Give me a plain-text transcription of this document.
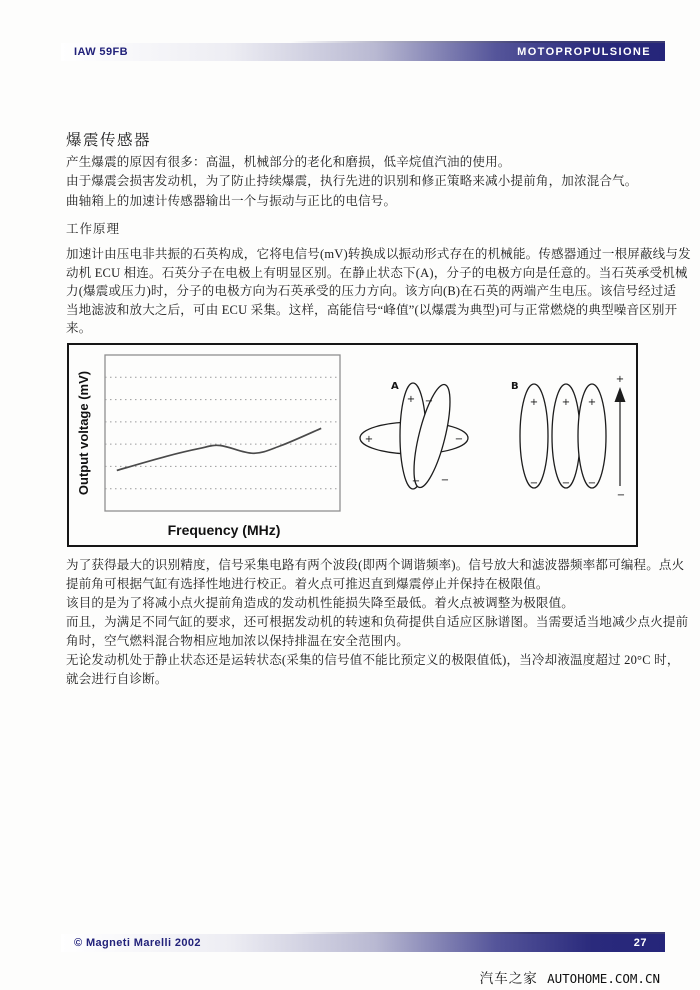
IAW 59FB	MOTOPROPULSIONE
爆震传感器
产生爆震的原因有很多：高温，机械部分的老化和磨损，低辛烷值汽油的使用。
由于爆震会损害发动机，为了防止持续爆震，执行先进的识别和修正策略来减小提前角，加浓混合气。
曲轴箱上的加速计传感器输出一个与振动与正比的电信号。
工作原理
加速计由压电非共振的石英构成，它将电信号(mV)转换成以振动形式存在的机械能。传感器通过一根屏蔽线与发
动机 ECU 相连。石英分子在电极上有明显区别。在静止状态下(A)，分子的电极方向是任意的。当石英承受机械
力(爆震或压力)时，分子的电极方向为石英承受的压力方向。该方向(B)在石英的两端产生电压。该信号经过适
当地滤波和放大之后，可由 ECU 采集。这样，高能信号“峰值”(以爆震为典型)可与正常燃烧的典型噪音区别开
来。
Output voltage (mV)
Frequency (MHz)
A
+	−
+
−
−
−
B
+ + +
− − −
+
−
为了获得最大的识别精度，信号采集电路有两个波段(即两个调谐频率)。信号放大和滤波器频率都可编程。点火
提前角可根据气缸有选择性地进行校正。着火点可推迟直到爆震停止并保持在极限值。
该目的是为了将减小点火提前角造成的发动机性能损失降至最低。着火点被调整为极限值。
而且，为满足不同气缸的要求，还可根据发动机的转速和负荷提供自适应区脉谱图。当需要适当地减少点火提前
角时，空气燃料混合物相应地加浓以保持排温在安全范围内。
无论发动机处于静止状态还是运转状态(采集的信号值不能比预定义的极限值低)，当冷却液温度超过 20°C 时，
就会进行自诊断。
© Magneti Marelli 2002	27
汽车之家 AUTOHOME.COM.CN
